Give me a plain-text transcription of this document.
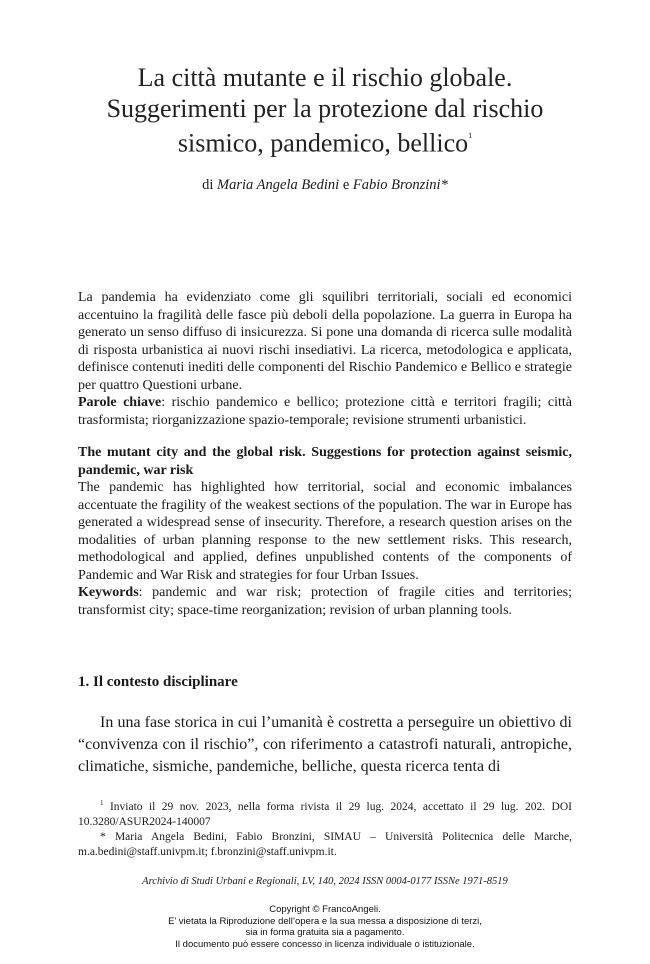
La città mutante e il rischio globale.
Suggerimenti per la protezione dal rischio
sismico, pandemico, bellico$^1$
di Maria Angela Bedini e Fabio Bronzini*
La pandemia ha evidenziato come gli squilibri territoriali, sociali ed economici accentuino la fragilità delle fasce più deboli della popolazione. La guerra in Europa ha generato un senso diffuso di insicurezza. Si pone una domanda di ricerca sulle modalità di risposta urbanistica ai nuovi rischi insediativi. La ricerca, metodologica e applicata, definisce contenuti inediti delle componenti del Rischio Pandemico e Bellico e strategie per quattro Questioni urbane.
Parole chiave: rischio pandemico e bellico; protezione città e territori fragili; città trasformista; riorganizzazione spazio-temporale; revisione strumenti urbanistici.
The mutant city and the global risk. Suggestions for protection against seismic, pandemic, war risk
The pandemic has highlighted how territorial, social and economic imbalances accentuate the fragility of the weakest sections of the population. The war in Europe has generated a widespread sense of insecurity. Therefore, a research question arises on the modalities of urban planning response to the new settlement risks. This research, methodological and applied, defines unpublished contents of the components of Pandemic and War Risk and strategies for four Urban Issues.
Keywords: pandemic and war risk; protection of fragile cities and territories; transformist city; space-time reorganization; revision of urban planning tools.
1. Il contesto disciplinare
In una fase storica in cui l’umanità è costretta a perseguire un obiettivo di “convivenza con il rischio”, con riferimento a catastrofi naturali, antropiche, climatiche, sismiche, pandemiche, belliche, questa ricerca tenta di

$^1$ Inviato il 29 nov. 2023, nella forma rivista il 29 lug. 2024, accettato il 29 lug. 202. DOI 10.3280/ASUR2024-140007

* Maria Angela Bedini, Fabio Bronzini, SIMAU – Università Politecnica delle Marche, m.a.bedini@staff.univpm.it; f.bronzini@staff.univpm.it.

Archivio di Studi Urbani e Regionali, LV, 140, 2024 ISSN 0004-0177 ISSNe 1971-8519
Copyright © FrancoAngeli.
E’ vietata la Riproduzione dell’opera e la sua messa a disposizione di terzi,
sia in forma gratuita sia a pagamento.
Il documento può essere concesso in licenza individuale o istituzionale.
